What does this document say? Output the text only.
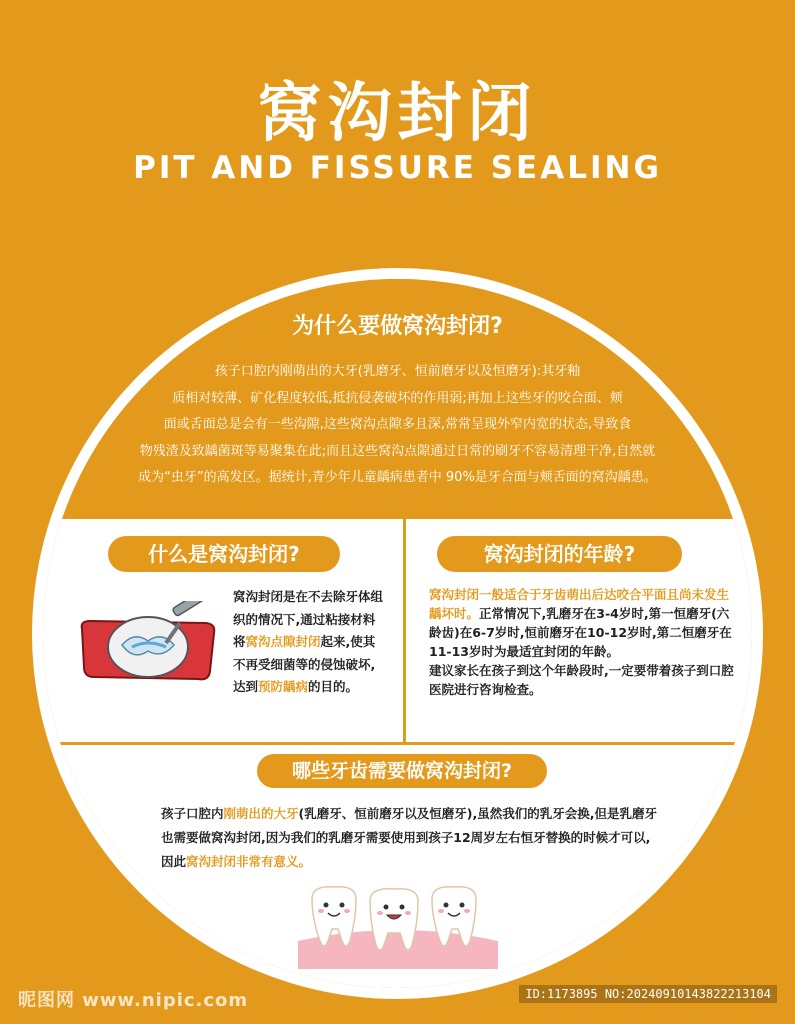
窝沟封闭
PIT AND FISSURE SEALING
为什么要做窝沟封闭?
孩子口腔内刚萌出的大牙(乳磨牙、恒前磨牙以及恒磨牙):其牙釉
质相对较薄、矿化程度较低,抵抗侵袭破坏的作用弱;再加上这些牙的咬合面、颊
面或舌面总是会有一些沟隙,这些窝沟点隙多且深,常常呈现外窄内宽的状态,导致食
物残渣及致龋菌斑等易聚集在此;而且这些窝沟点隙通过日常的刷牙不容易清理干净,自然就
成为“虫牙”的高发区。据统计,青少年儿童龋病患者中 90%是牙合面与颊舌面的窝沟龋患。
什么是窝沟封闭?	窝沟封闭的年龄?
窝沟封闭是在不去除牙体组织的情况下,通过粘接材料将窝沟点隙封闭起来,使其不再受细菌等的侵蚀破坏,达到预防龋病的目的。
窝沟封闭一般适合于牙齿萌出后达咬合平面且尚未发生龋坏时。正常情况下,乳磨牙在3-4岁时,第一恒磨牙(六龄齿)在6-7岁时,恒前磨牙在10-12岁时,第二恒磨牙在11-13岁时为最适宜封闭的年龄。
建议家长在孩子到这个年龄段时,一定要带着孩子到口腔医院进行咨询检查。
哪些牙齿需要做窝沟封闭?
孩子口腔内刚萌出的大牙(乳磨牙、恒前磨牙以及恒磨牙),虽然我们的乳牙会换,但是乳磨牙也需要做窝沟封闭,因为我们的乳磨牙需要使用到孩子12周岁左右恒牙替换的时候才可以,因此窝沟封闭非常有意义。
昵图网 www.nipic.com	ID:1173895 NO:20240910143822213104
